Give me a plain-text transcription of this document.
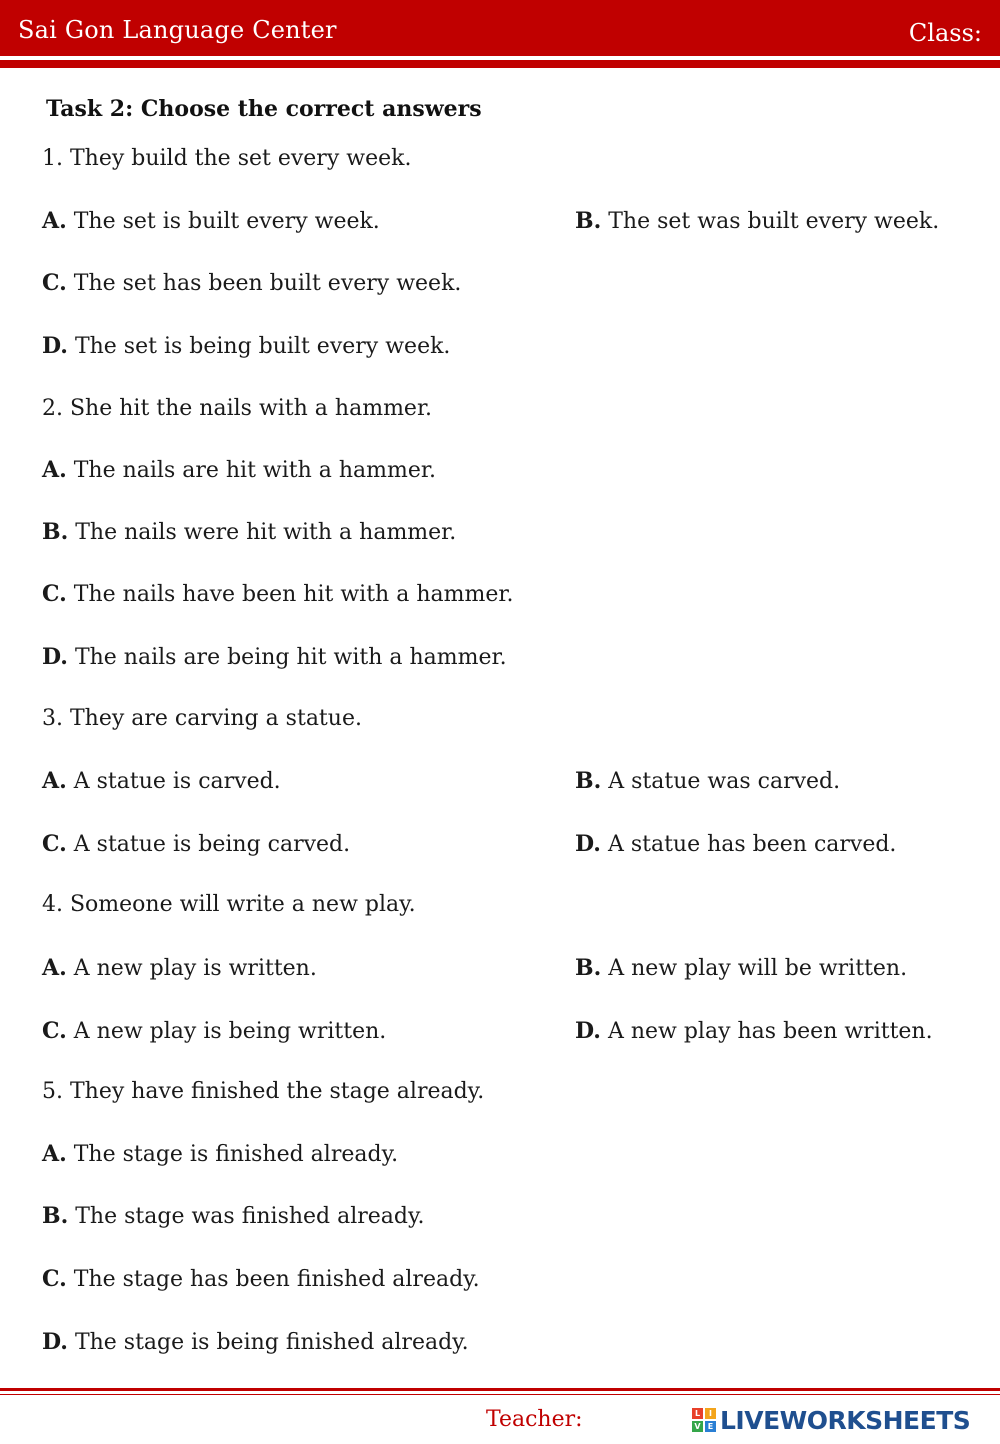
Sai Gon Language Center	Class:
Task 2: Choose the correct answers
1. They build the set every week.
A. The set is built every week.	B. The set was built every week.
C. The set has been built every week.
D. The set is being built every week.
2. She hit the nails with a hammer.
A. The nails are hit with a hammer.
B. The nails were hit with a hammer.
C. The nails have been hit with a hammer.
D. The nails are being hit with a hammer.
3. They are carving a statue.
A. A statue is carved.	B. A statue was carved.
C. A statue is being carved.	D. A statue has been carved.
4. Someone will write a new play.
A. A new play is written.	B. A new play will be written.
C. A new play is being written.	D. A new play has been written.
5. They have finished the stage already.
A. The stage is finished already.
B. The stage was finished already.
C. The stage has been finished already.
D. The stage is being finished already.
Teacher:	L	I
V E LIVEWORKSHEETS
